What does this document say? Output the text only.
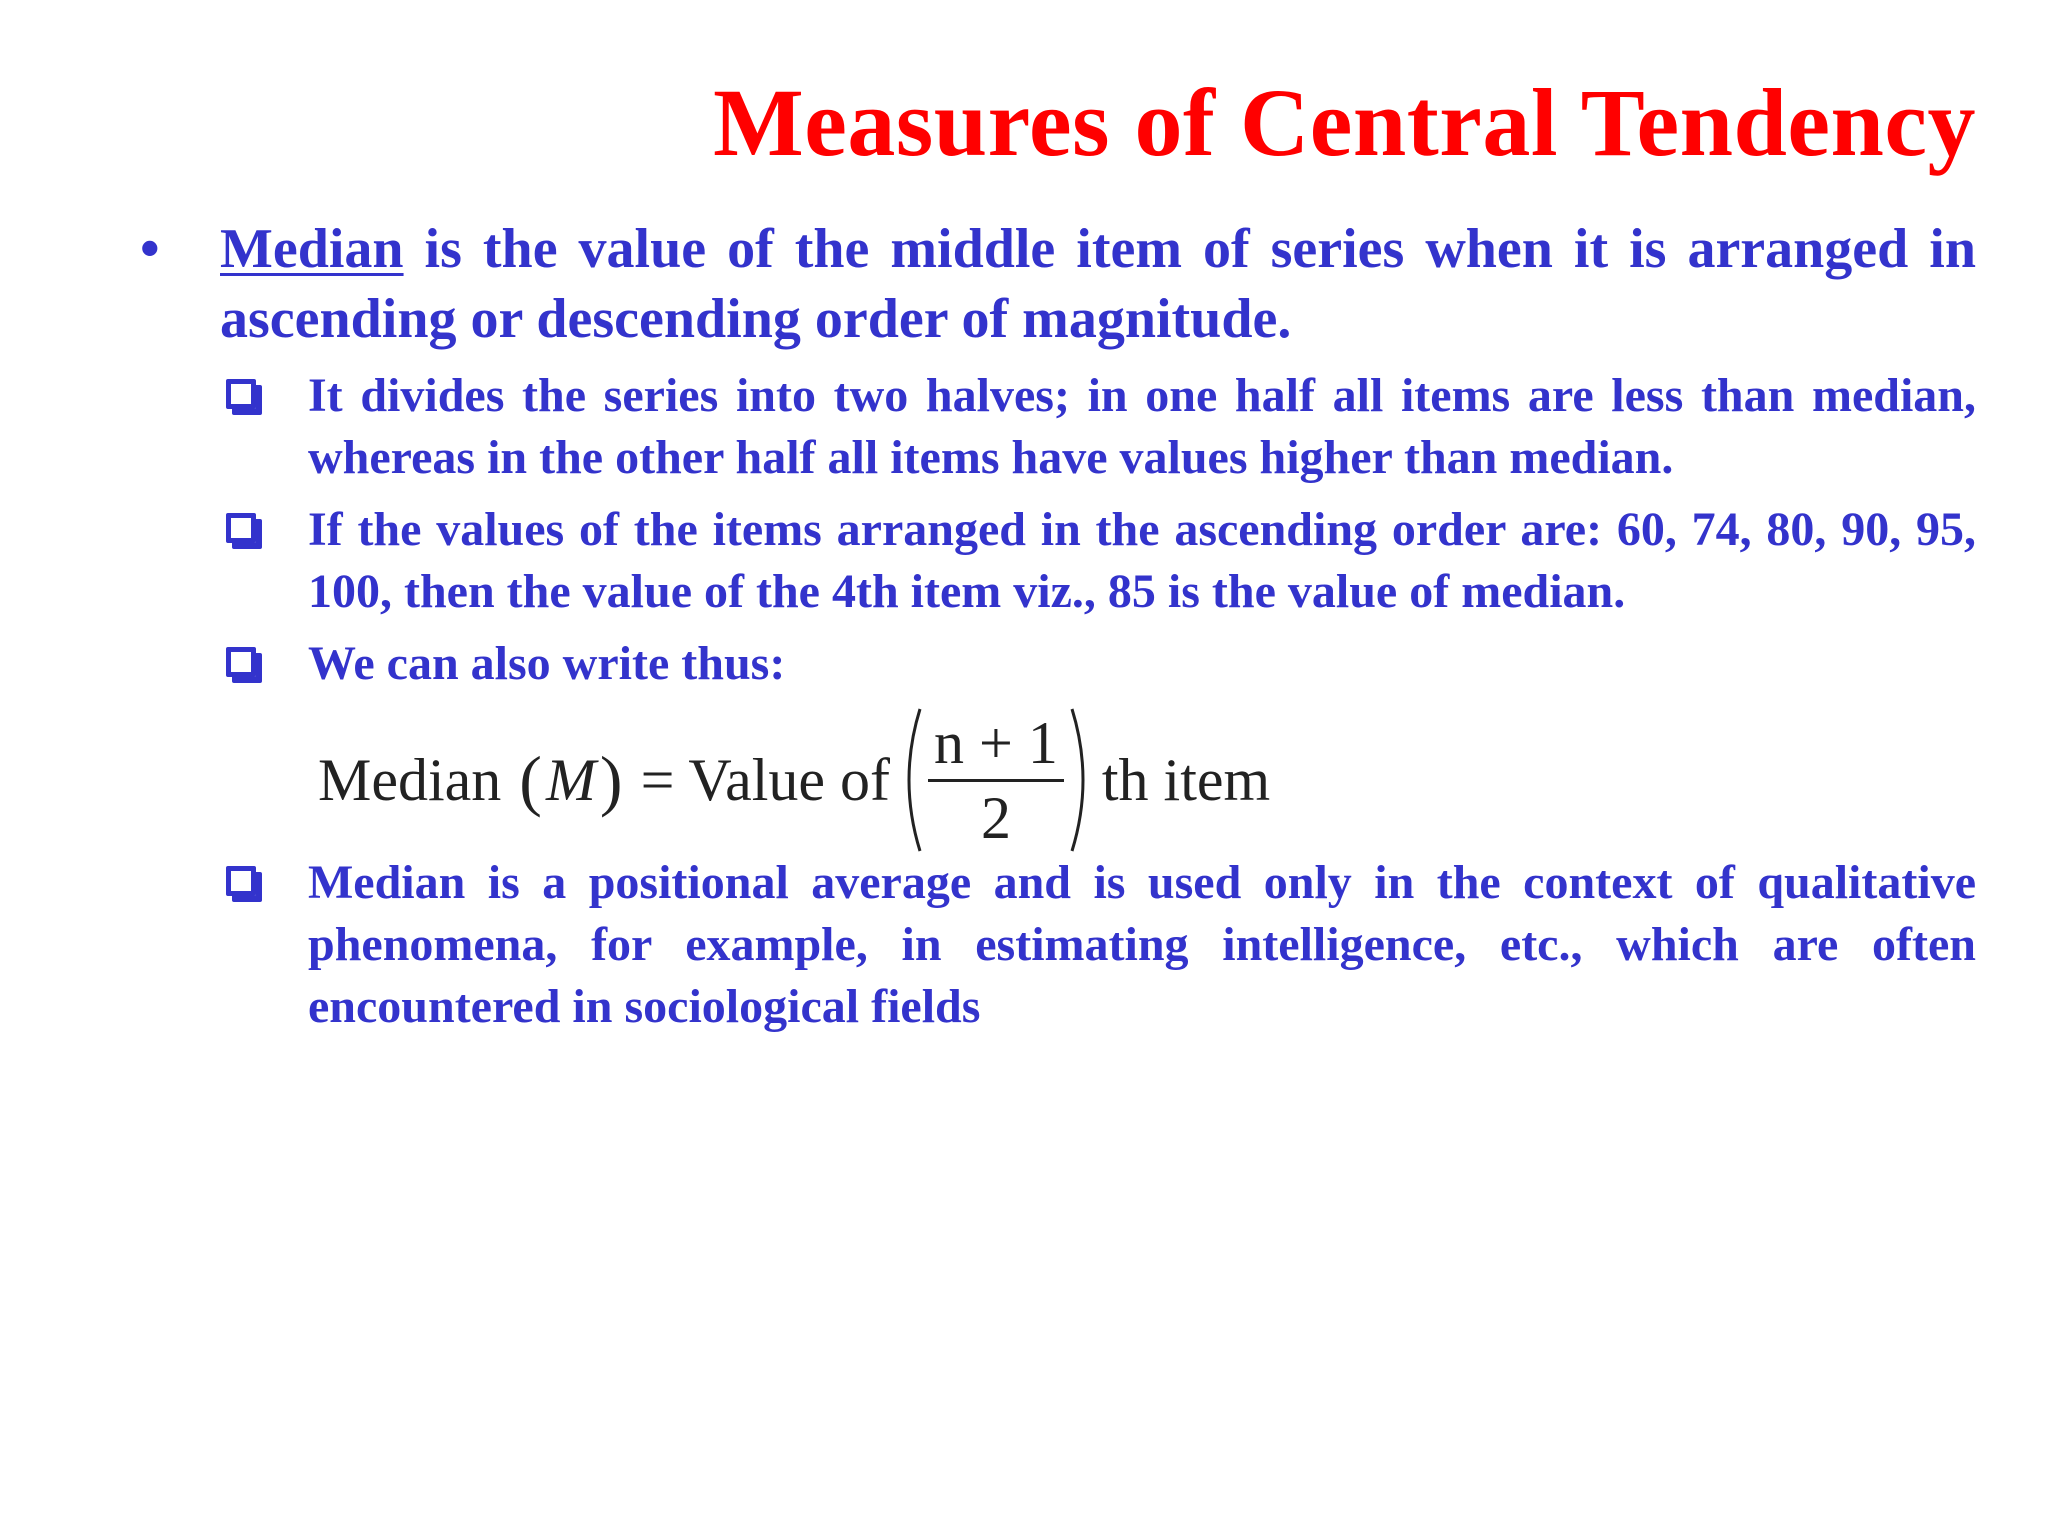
Measures of Central Tendency
• Median is the value of the middle item of series when it is arranged in ascending or descending order of magnitude.
It divides the series into two halves; in one half all items are less than median, whereas in the other half all items have values higher than median.
If the values of the items arranged in the ascending order are: 60, 74, 80, 90, 95, 100, then the value of the 4th item viz., 85 is the value of median.
We can also write thus:
Median ( M ) = Value of $\frac{n + 1}{2}$ th item
Median is a positional average and is used only in the context of qualitative phenomena, for example, in estimating intelligence, etc., which are often encountered in sociological fields
